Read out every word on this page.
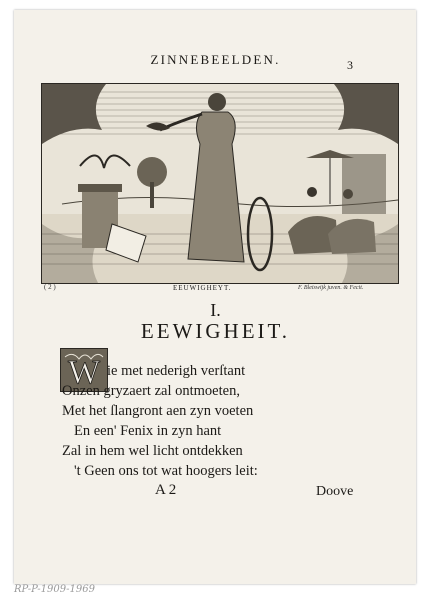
ZINNEBEELDEN.	3
( 2 )	EEUWIGHEYT.	F. Bleiswijk juven. & Fecit.
I.
EEWIGHEIT.
W ie met nederigh verſtant
Onzen gryzaert zal ontmoeten,
Met het ſlangront aen zyn voeten
En een' Fenix in zyn hant
Zal in hem wel licht ontdekken
't Geen ons tot wat hoogers leit:
A 2	Doove
RP-P-1909-1969
